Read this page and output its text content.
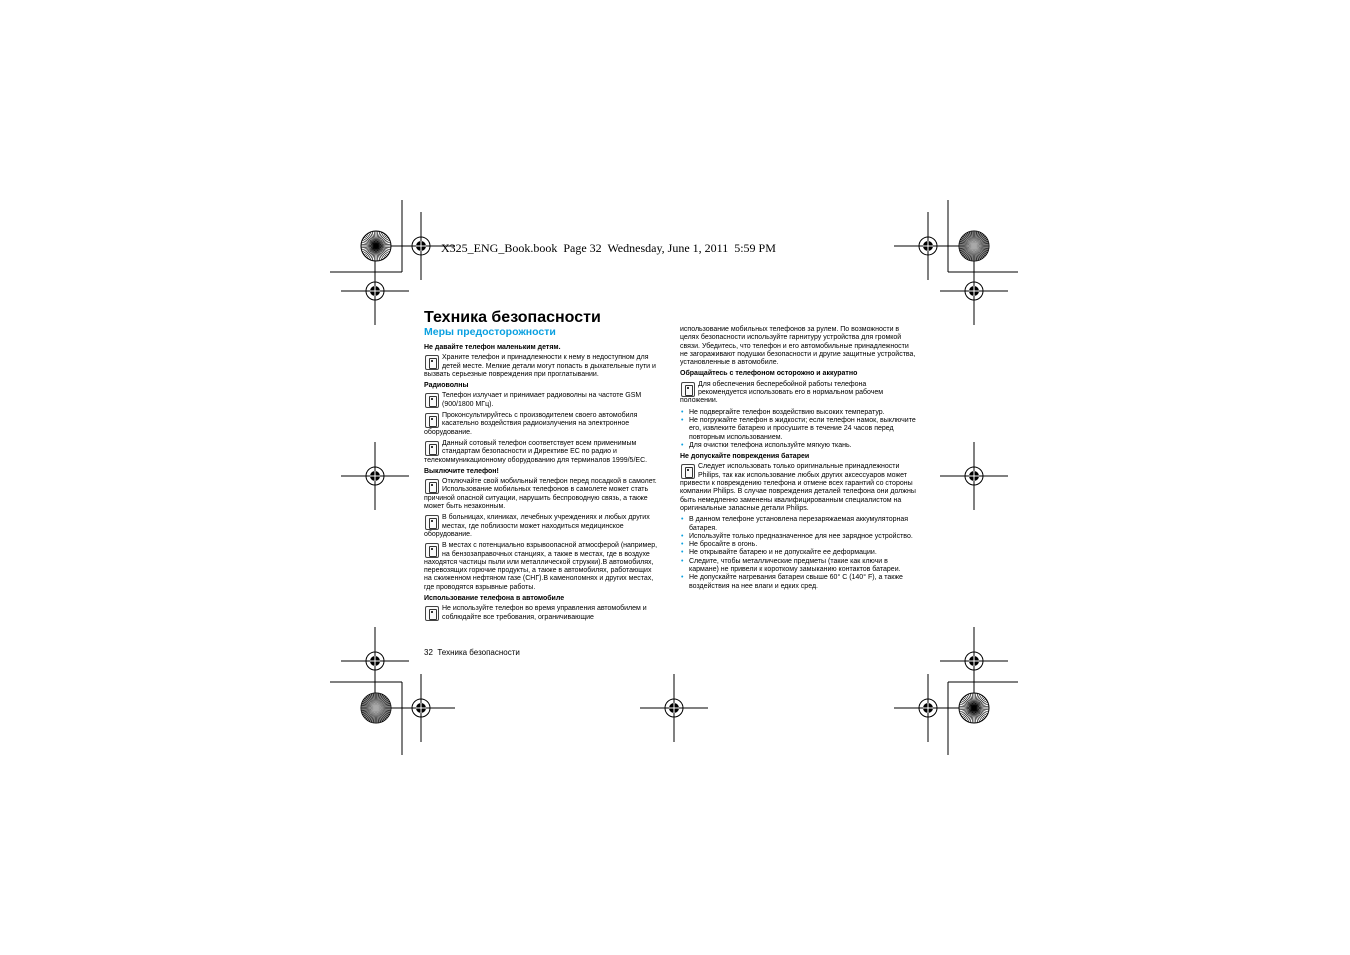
X325_ENG_Book.book  Page 32  Wednesday, June 1, 2011  5:59 PM
Техника безопасности
Меры предосторожности
Не давайте телефон маленьким детям.
Храните телефон и принадлежности к нему в недоступном для детей месте. Мелкие детали могут попасть в дыхательные пути и вызвать серьезные повреждения при проглатывании.
Радиоволны
Телефон излучает и принимает радиоволны на частоте GSM (900/1800 МГц).
Проконсультируйтесь с производителем своего автомобиля касательно воздействия радиоизлучения на электронное оборудование.
Данный сотовый телефон соответствует всем применимым стандартам безопасности и Директиве ЕС по радио и телекоммуникационному оборудованию для терминалов 1999/5/ЕС.
Выключите телефон!
Отключайте свой мобильный телефон перед посадкой в самолет. Использование мобильных телефонов в самолете может стать причиной опасной ситуации, нарушить беспроводную связь, а также может быть незаконным.
В больницах, клиниках, лечебных учреждениях и любых других местах, где поблизости может находиться медицинское оборудование.
В местах с потенциально взрывоопасной атмосферой (например, на бензозаправочных станциях, а также в местах, где в воздухе находятся частицы пыли или металлической стружки).В автомобилях, перевозящих горючие продукты, а также в автомобилях, работающих на сжиженном нефтяном газе (СНГ).В каменоломнях и других местах, где проводятся взрывные работы.
Использование телефона в автомобиле
Не используйте телефон во время управления автомобилем и соблюдайте все требования, ограничивающие
использование мобильных телефонов за рулем. По возможности в целях безопасности используйте гарнитуру устройства для громкой связи. Убедитесь, что телефон и его автомобильные принадлежности не загораживают подушки безопасности и другие защитные устройства, установленные в автомобиле.
Обращайтесь с телефоном осторожно и аккуратно
Для обеспечения бесперебойной работы телефона рекомендуется использовать его в нормальном рабочем положении.
• Не подвергайте телефон воздействию высоких температур.
• Не погружайте телефон в жидкости; если телефон намок, выключите его, извлеките батарею и просушите в течение 24 часов перед повторным использованием.
• Для очистки телефона используйте мягкую ткань.
Не допускайте повреждения батареи
Следует использовать только оригинальные принадлежности Philips, так как использование любых других аксессуаров может привести к повреждению телефона и отмене всех гарантий со стороны компании Philips. В случае повреждения деталей телефона они должны быть немедленно заменены квалифицированным специалистом на оригинальные запасные детали Philips.
• В данном телефоне установлена перезаряжаемая аккумуляторная батарея.
• Используйте только предназначенное для нее зарядное устройство.
• Не бросайте в огонь.
• Не открывайте батарею и не допускайте ее деформации.
• Следите, чтобы металлические предметы (такие как ключи в кармане) не привели к короткому замыканию контактов батареи.
• Не допускайте нагревания батареи свыше 60° C (140° F), а также воздействия на нее влаги и едких сред.
32 Техника безопасности
